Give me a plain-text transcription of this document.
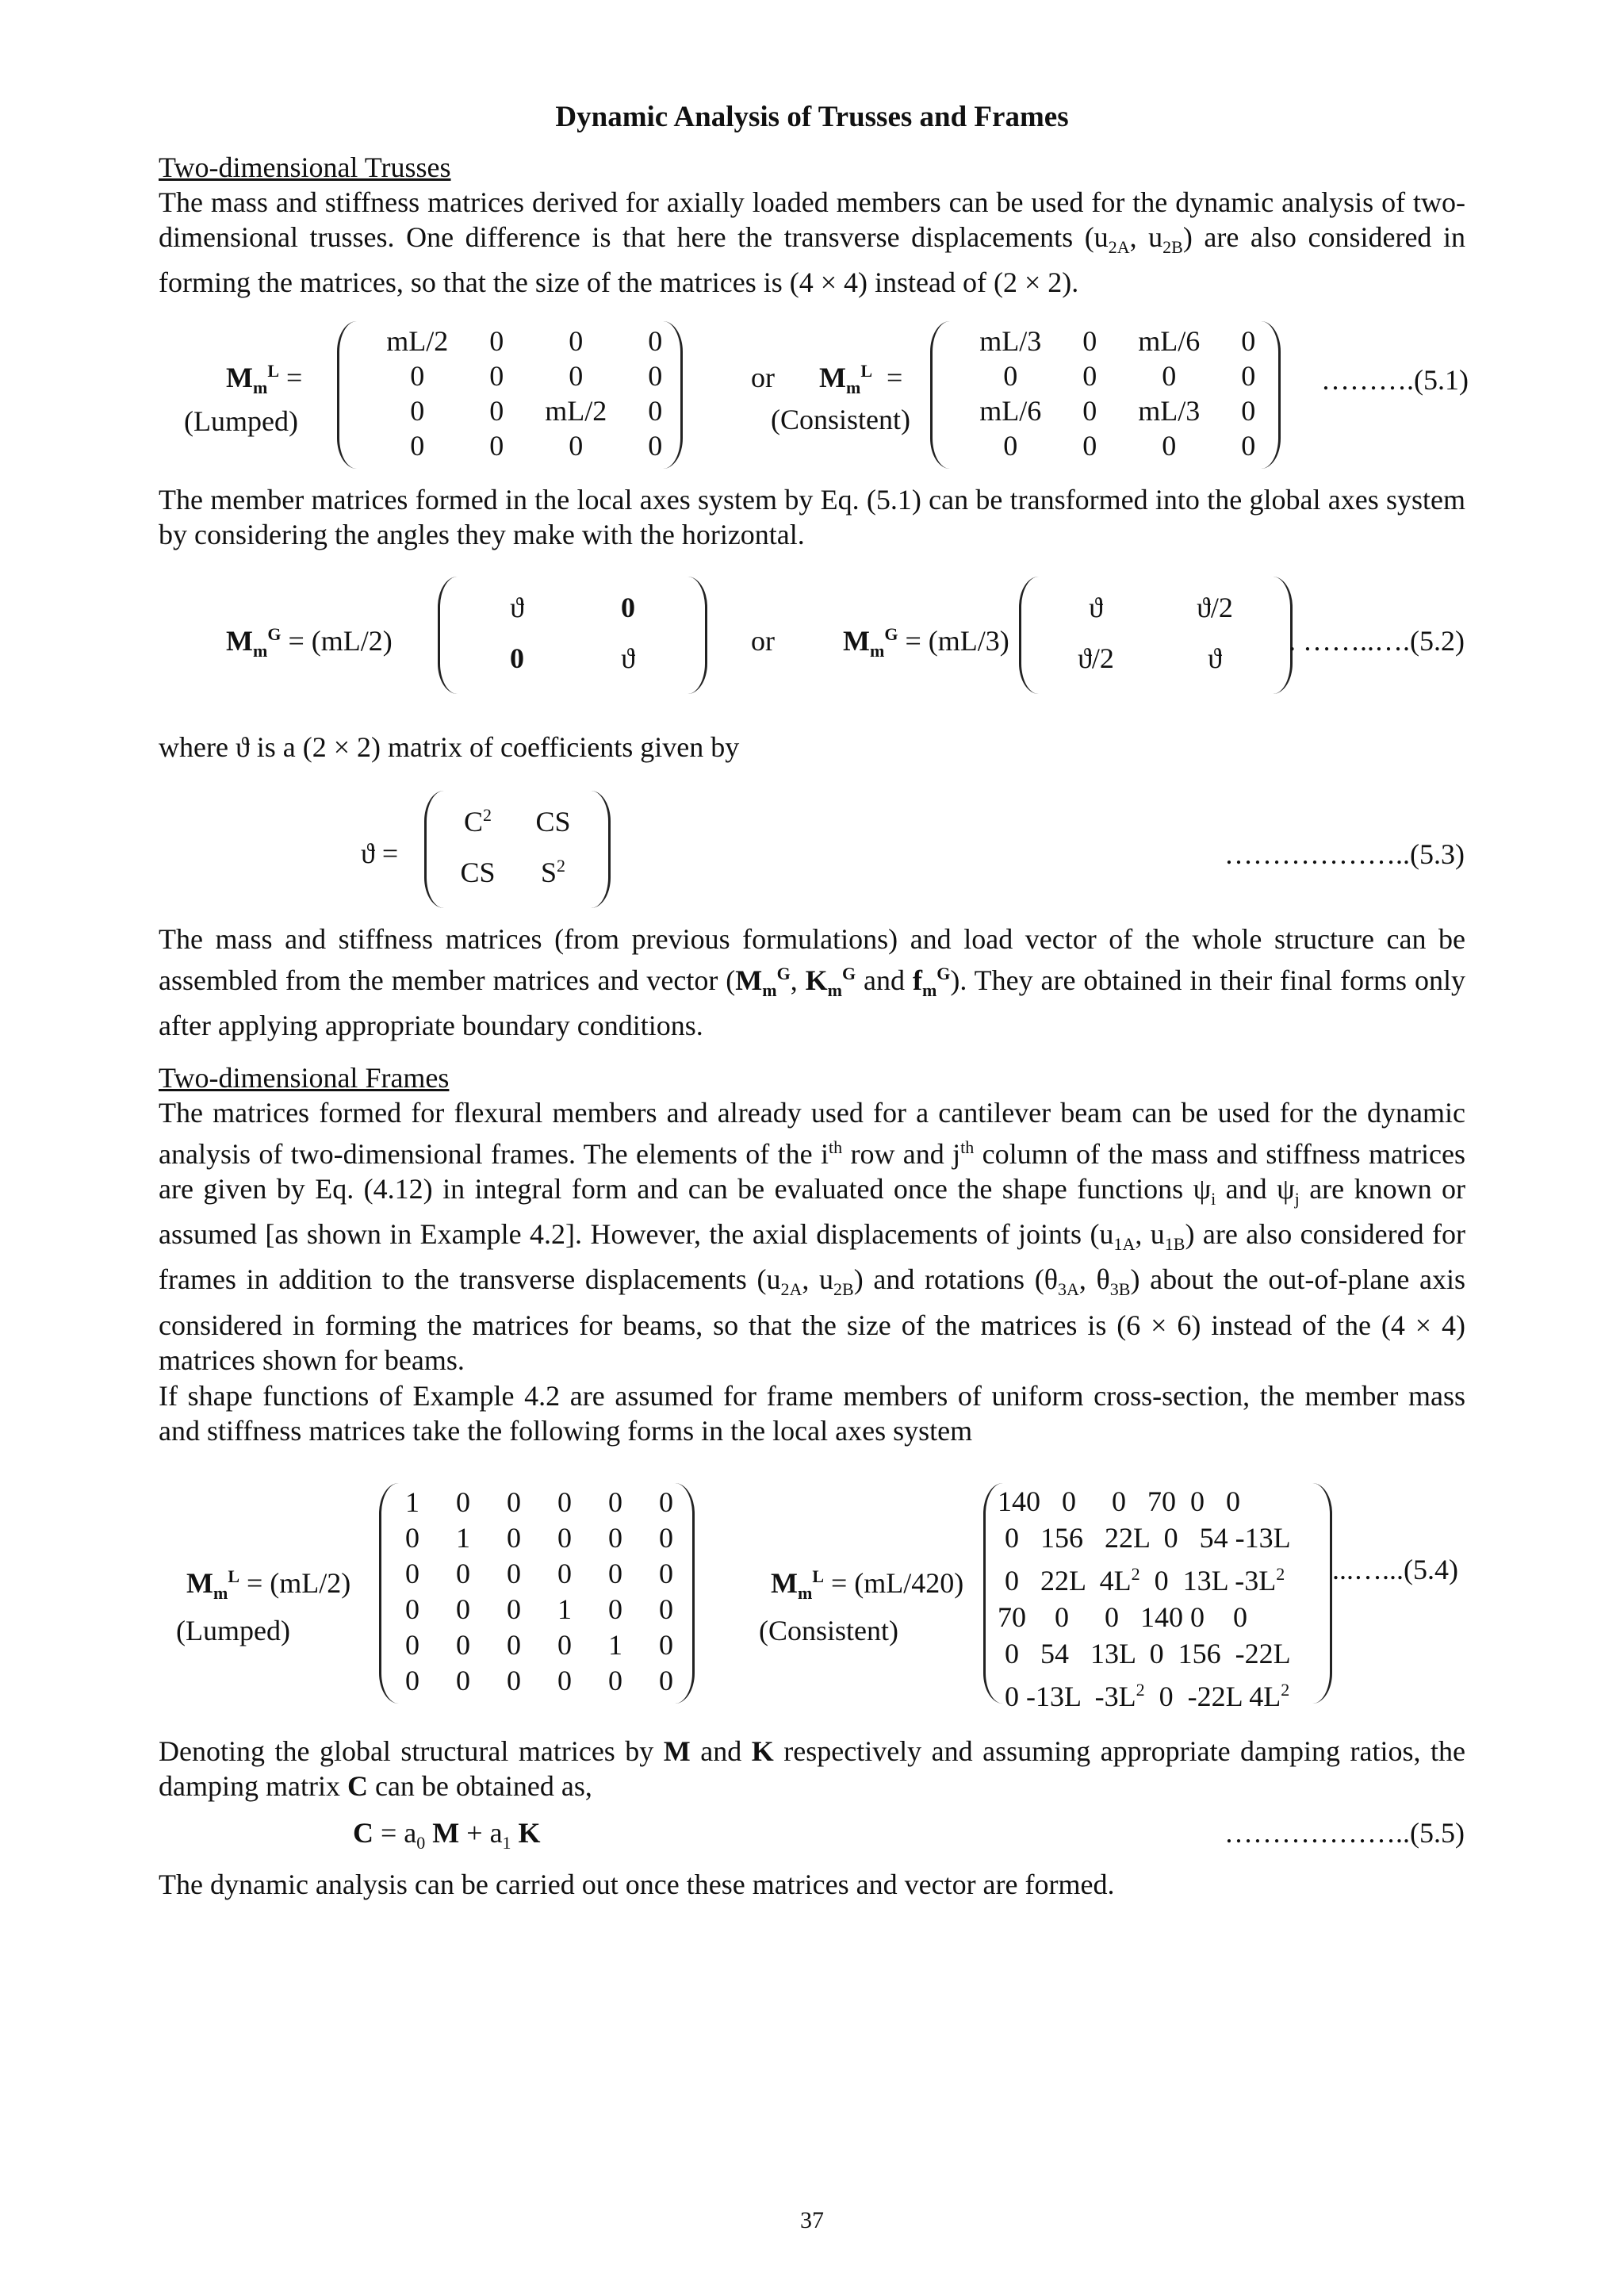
Dynamic Analysis of Trusses and Frames
Two-dimensional Trusses
The mass and stiffness matrices derived for axially loaded members can be used for the dynamic analysis of two-dimensional trusses. One difference is that here the transverse displacements ($u_{2A}$, $u_{2B}$) are also considered in forming the matrices, so that the size of the matrices is (4 × 4) instead of (2 × 2).
$M_m^L$ =
(Lumped)
mL/2	0	0	0
0	0	0	0
0	0	mL/2	0
0	0	0	0
or $M_m^L$  =
(Consistent)
mL/3	0	mL/6	0
0	0	0	0
mL/6	0	mL/3	0
0	0	0	0
……….(5.1)
The member matrices formed in the local axes system by Eq. (5.1) can be transformed into the global axes system by considering the angles they make with the horizontal.
$M_m^G = (mL/2)$
ϑ	0
0	ϑ
or $M_m^G = (mL/3)$
ϑ	ϑ/2
ϑ/2	ϑ
. ……..….(5.2)
where ϑ is a (2 × 2) matrix of coefficients given by
ϑ =
$C^2$	CS
CS	$S^2$	………………..(5.3)
The mass and stiffness matrices (from previous formulations) and load vector of the whole structure can be assembled from the member matrices and vector ($M_m^G$, $K_m^G$ and $f_m^G$). They are obtained in their final forms only after applying appropriate boundary conditions.
Two-dimensional Frames
The matrices formed for flexural members and already used for a cantilever beam can be used for the dynamic analysis of two-dimensional frames. The elements of the $i^{th}$ row and $j^{th}$ column of the mass and stiffness matrices are given by Eq. (4.12) in integral form and can be evaluated once the shape functions $\psi_i$ and $\psi_j$ are known or assumed [as shown in Example 4.2]. However, the axial displacements of joints ($u_{1A}$, $u_{1B}$) are also considered for frames in addition to the transverse displacements ($u_{2A}$, $u_{2B}$) and rotations ($\theta_{3A}$, $\theta_{3B}$) about the out-of-plane axis considered in forming the matrices for beams, so that the size of the matrices is (6 × 6) instead of the (4 × 4) matrices shown for beams.
If shape functions of Example 4.2 are assumed for frame members of uniform cross-section, the member mass and stiffness matrices take the following forms in the local axes system
$M_m^L = (mL/2)$
(Lumped)
1	0	0	0	0	0
0	1	0	0	0	0
0	0	0	0	0	0
0	0	0	1	0	0
0	0	0	0	1	0
0	0	0	0	0	0
$M_m^L = (mL/420)$
(Consistent)
140   0     0   70  0   0
0   156   22L  0   54 -13L
0   22L  $4L^2$  0  13L $-3L^2$
70    0     0   140 0    0
0   54   13L  0  156  -22L
0 -13L  $-3L^2$  0  -22L $4L^2$
...…...(5.4)
Denoting the global structural matrices by M and K respectively and assuming appropriate damping ratios, the damping matrix C can be obtained as,
$C = a_0$ $M + a_1$ K	………………..(5.5)
The dynamic analysis can be carried out once these matrices and vector are formed.
37
